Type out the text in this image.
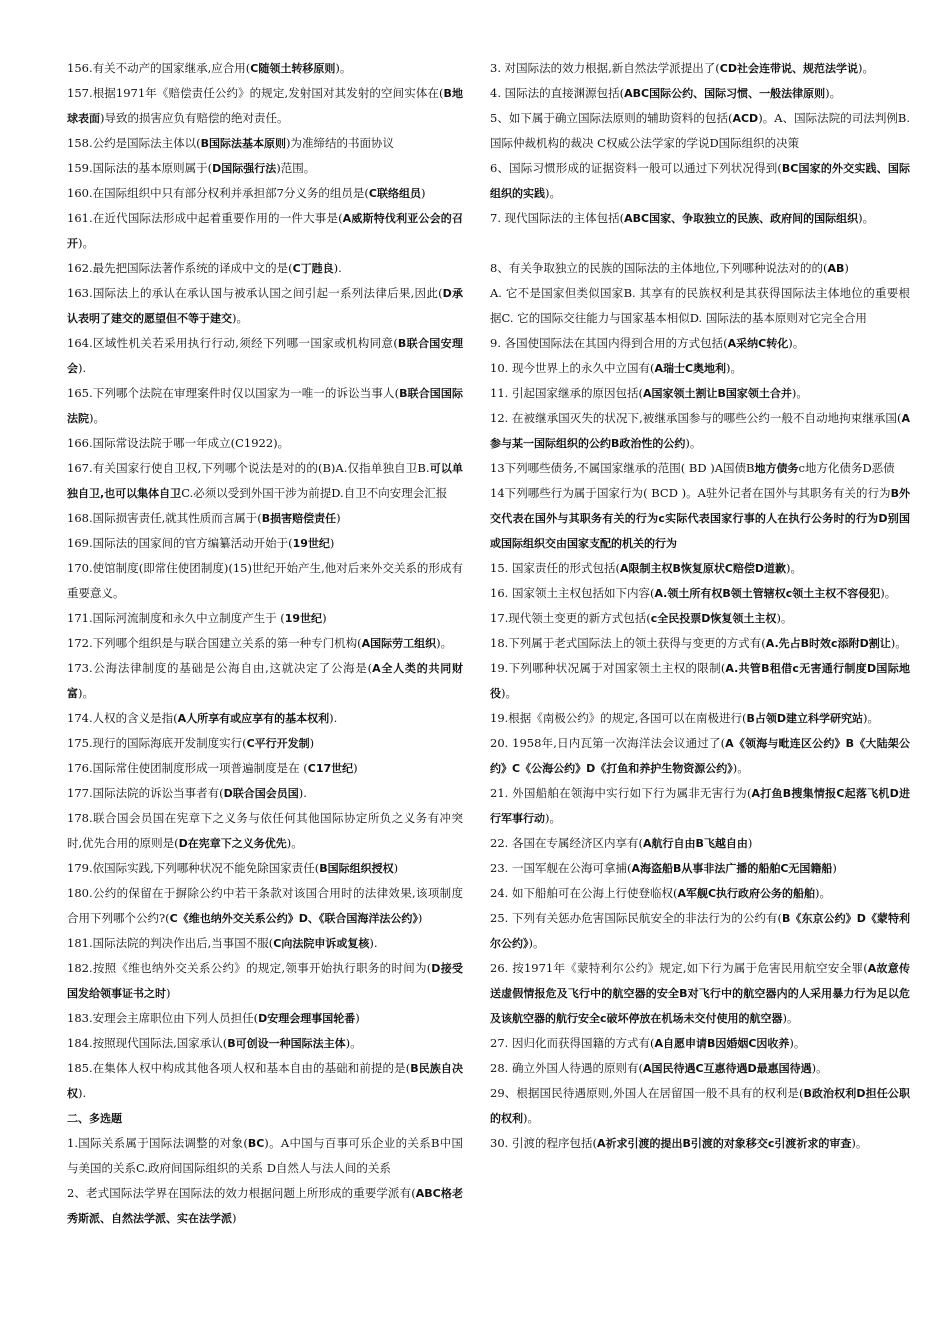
156.有关不动产的国家继承,应合用(C随领土转移原则)。

157.根据1971年《赔偿责任公约》的规定,发射国对其发射的空间实体在(B地球表面)导致的损害应负有赔偿的绝对责任。

158.公约是国际法主体以(B国际法基本原则)为准缔结的书面协议

159.国际法的基本原则属于(D国际强行法)范围。

160.在国际组织中只有部分权利并承担部7分义务的组员是(C联络组员)

161.在近代国际法形成中起着重要作用的一件大事是(A威斯特伐利亚公会的召开)。

162.最先把国际法著作系统的译成中文的是(C丁韪良).

163.国际法上的承认在承认国与被承认国之间引起一系列法律后果,因此(D承认表明了建交的愿望但不等于建交)。

164.区域性机关若采用执行行动,须经下列哪一国家或机构同意(B联合国安理会).

165.下列哪个法院在审理案件时仅以国家为一唯一的诉讼当事人(B联合国国际法院)。

166.国际常设法院于哪一年成立(C1922)。

167.有关国家行使自卫权,下列哪个说法是对的的(B)A.仅指单独自卫B.可以单独自卫,也可以集体自卫C.必须以受到外国干涉为前提D.自卫不向安理会汇报

168.国际损害责任,就其性质而言属于(B损害赔偿责任)

169.国际法的国家间的官方编纂活动开始于(19世纪)

170.使馆制度(即常住使团制度)(15)世纪开始产生,他对后来外交关系的形成有重要意义。

171.国际河流制度和永久中立制度产生于 (19世纪)

172.下列哪个组织是与联合国建立关系的第一种专门机构(A国际劳工组织)。

173.公海法律制度的基础是公海自由,这就决定了公海是(A全人类的共同财富)。

174.人权的含义是指(A人所享有或应享有的基本权利).

175.现行的国际海底开发制度实行(C平行开发制)

176.国际常住使团制度形成一项普遍制度是在 (C17世纪)

177.国际法院的诉讼当事者有(D联合国会员国).

178.联合国会员国在宪章下之义务与依任何其他国际协定所负之义务有冲突时,优先合用的原则是(D在宪章下之义务优先)。

179.依国际实践,下列哪种状况不能免除国家责任(B国际组织授权)

180.公约的保留在于摒除公约中若干条款对该国合用时的法律效果,该项制度合用下列哪个公约?(C《维也纳外交关系公约》D、《联合国海洋法公约》)

181.国际法院的判决作出后,当事国不服(C向法院申诉或复核).

182.按照《维也纳外交关系公约》的规定,领事开始执行职务的时间为(D接受国发给领事证书之时)

183.安理会主席职位由下列人员担任(D安理会理事国轮番)

184.按照现代国际法,国家承认(B可创设一种国际法主体)。

185.在集体人权中构成其他各项人权和基本自由的基础和前提的是(B民族自决权).

二、多选题

1.国际关系属于国际法调整的对象(BC)。A中国与百事可乐企业的关系B中国与美国的关系C.政府间国际组织的关系 D自然人与法人间的关系

2、老式国际法学界在国际法的效力根据问题上所形成的重要学派有(ABC格老秀斯派、自然法学派、实在法学派)

3. 对国际法的效力根据,新自然法学派提出了(CD社会连带说、规范法学说)。

4. 国际法的直接渊源包括(ABC国际公约、国际习惯、一般法律原则)。

5、如下属于确立国际法原则的辅助资料的包括(ACD)。A、国际法院的司法判例B. 国际仲裁机构的裁决 C权威公法学家的学说D国际组织的决策

6、国际习惯形成的证据资料一般可以通过下列状况得到(BC国家的外交实践、国际组织的实践)。

7. 现代国际法的主体包括(ABC国家、争取独立的民族、政府间的国际组织)。

8、有关争取独立的民族的国际法的主体地位,下列哪种说法对的的(AB)

A. 它不是国家但类似国家B. 其享有的民族权利是其获得国际法主体地位的重要根据C. 它的国际交往能力与国家基本相似D. 国际法的基本原则对它完全合用

9. 各国使国际法在其国内得到合用的方式包括(A采纳C转化)。

10. 现今世界上的永久中立国有(A瑞士C奥地利)。

11. 引起国家继承的原因包括(A国家领土割让B国家领土合并)。

12. 在被继承国灭失的状况下,被继承国参与的哪些公约一般不自动地拘束继承国(A参与某一国际组织的公约B政治性的公约)。

13下列哪些债务,不属国家继承的范围( BD )A国债B地方债务c地方化债务D恶债

14下列哪些行为属于国家行为( BCD )。A驻外记者在国外与其职务有关的行为B外交代表在国外与其职务有关的行为c实际代表国家行事的人在执行公务时的行为D别国或国际组织交由国家支配的机关的行为

15. 国家责任的形式包括(A限制主权B恢复原状C赔偿D道歉)。

16. 国家领土主权包括如下内容(A.领土所有权B领土管辖权c领土主权不容侵犯)。

17.现代领土变更的新方式包括(c全民投票D恢复领土主权)。

18.下列属于老式国际法上的领土获得与变更的方式有(A.先占B时效c添附D割让)。

19.下列哪种状况属于对国家领土主权的限制(A.共管B租借c无害通行制度D国际地役)。

19.根据《南极公约》的规定,各国可以在南极进行(B占领D建立科学研究站)。

20. 1958年,日内瓦第一次海洋法会议通过了(A《领海与毗连区公约》B《大陆架公约》C《公海公约》D《打鱼和养护生物资源公约》)。

21. 外国船舶在领海中实行如下行为属非无害行为(A打鱼B搜集情报C起落飞机D进行军事行动)。

22. 各国在专属经济区内享有(A航行自由B飞越自由)

23. 一国军舰在公海可拿捕(A海盗船B从事非法广播的船舶C无国籍船)

24. 如下船舶可在公海上行使登临权(A军舰C执行政府公务的船舶)。

25. 下列有关惩办危害国际民航安全的非法行为的公约有(B《东京公约》D《蒙特利尔公约》)。

26. 按1971年《蒙特利尔公约》规定,如下行为属于危害民用航空安全罪(A故意传送虚假情报危及飞行中的航空器的安全B对飞行中的航空器内的人采用暴力行为足以危及该航空器的航行安全c破坏停放在机场未交付使用的航空器)。

27. 因归化而获得国籍的方式有(A自愿申请B因婚姻C因收养)。

28. 确立外国人待遇的原则有(A国民待遇C互惠待遇D最惠国待遇)。

29、根据国民待遇原则,外国人在居留国一般不具有的权利是(B政治权利D担任公职的权利)。

30. 引渡的程序包括(A祈求引渡的提出B引渡的对象移交c引渡祈求的审查)。
